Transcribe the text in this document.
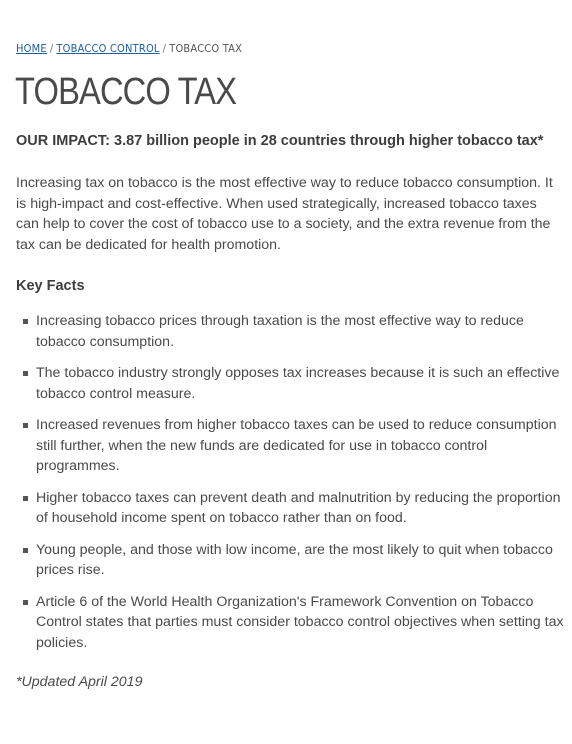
HOME / TOBACCO CONTROL / TOBACCO TAX
TOBACCO TAX

OUR IMPACT: 3.87 billion people in 28 countries through higher tobacco tax*

Increasing tax on tobacco is the most effective way to reduce tobacco consumption. It is high-impact and cost-effective. When used strategically, increased tobacco taxes can help to cover the cost of tobacco use to a society, and the extra revenue from the tax can be dedicated for health promotion.

Key Facts
Increasing tobacco prices through taxation is the most effective way to reduce tobacco consumption.
The tobacco industry strongly opposes tax increases because it is such an effective tobacco control measure.
Increased revenues from higher tobacco taxes can be used to reduce consumption still further, when the new funds are dedicated for use in tobacco control programmes.
Higher tobacco taxes can prevent death and malnutrition by reducing the proportion of household income spent on tobacco rather than on food.
Young people, and those with low income, are the most likely to quit when tobacco prices rise.
Article 6 of the World Health Organization's Framework Convention on Tobacco Control states that parties must consider tobacco control objectives when setting tax policies.

*Updated April 2019
